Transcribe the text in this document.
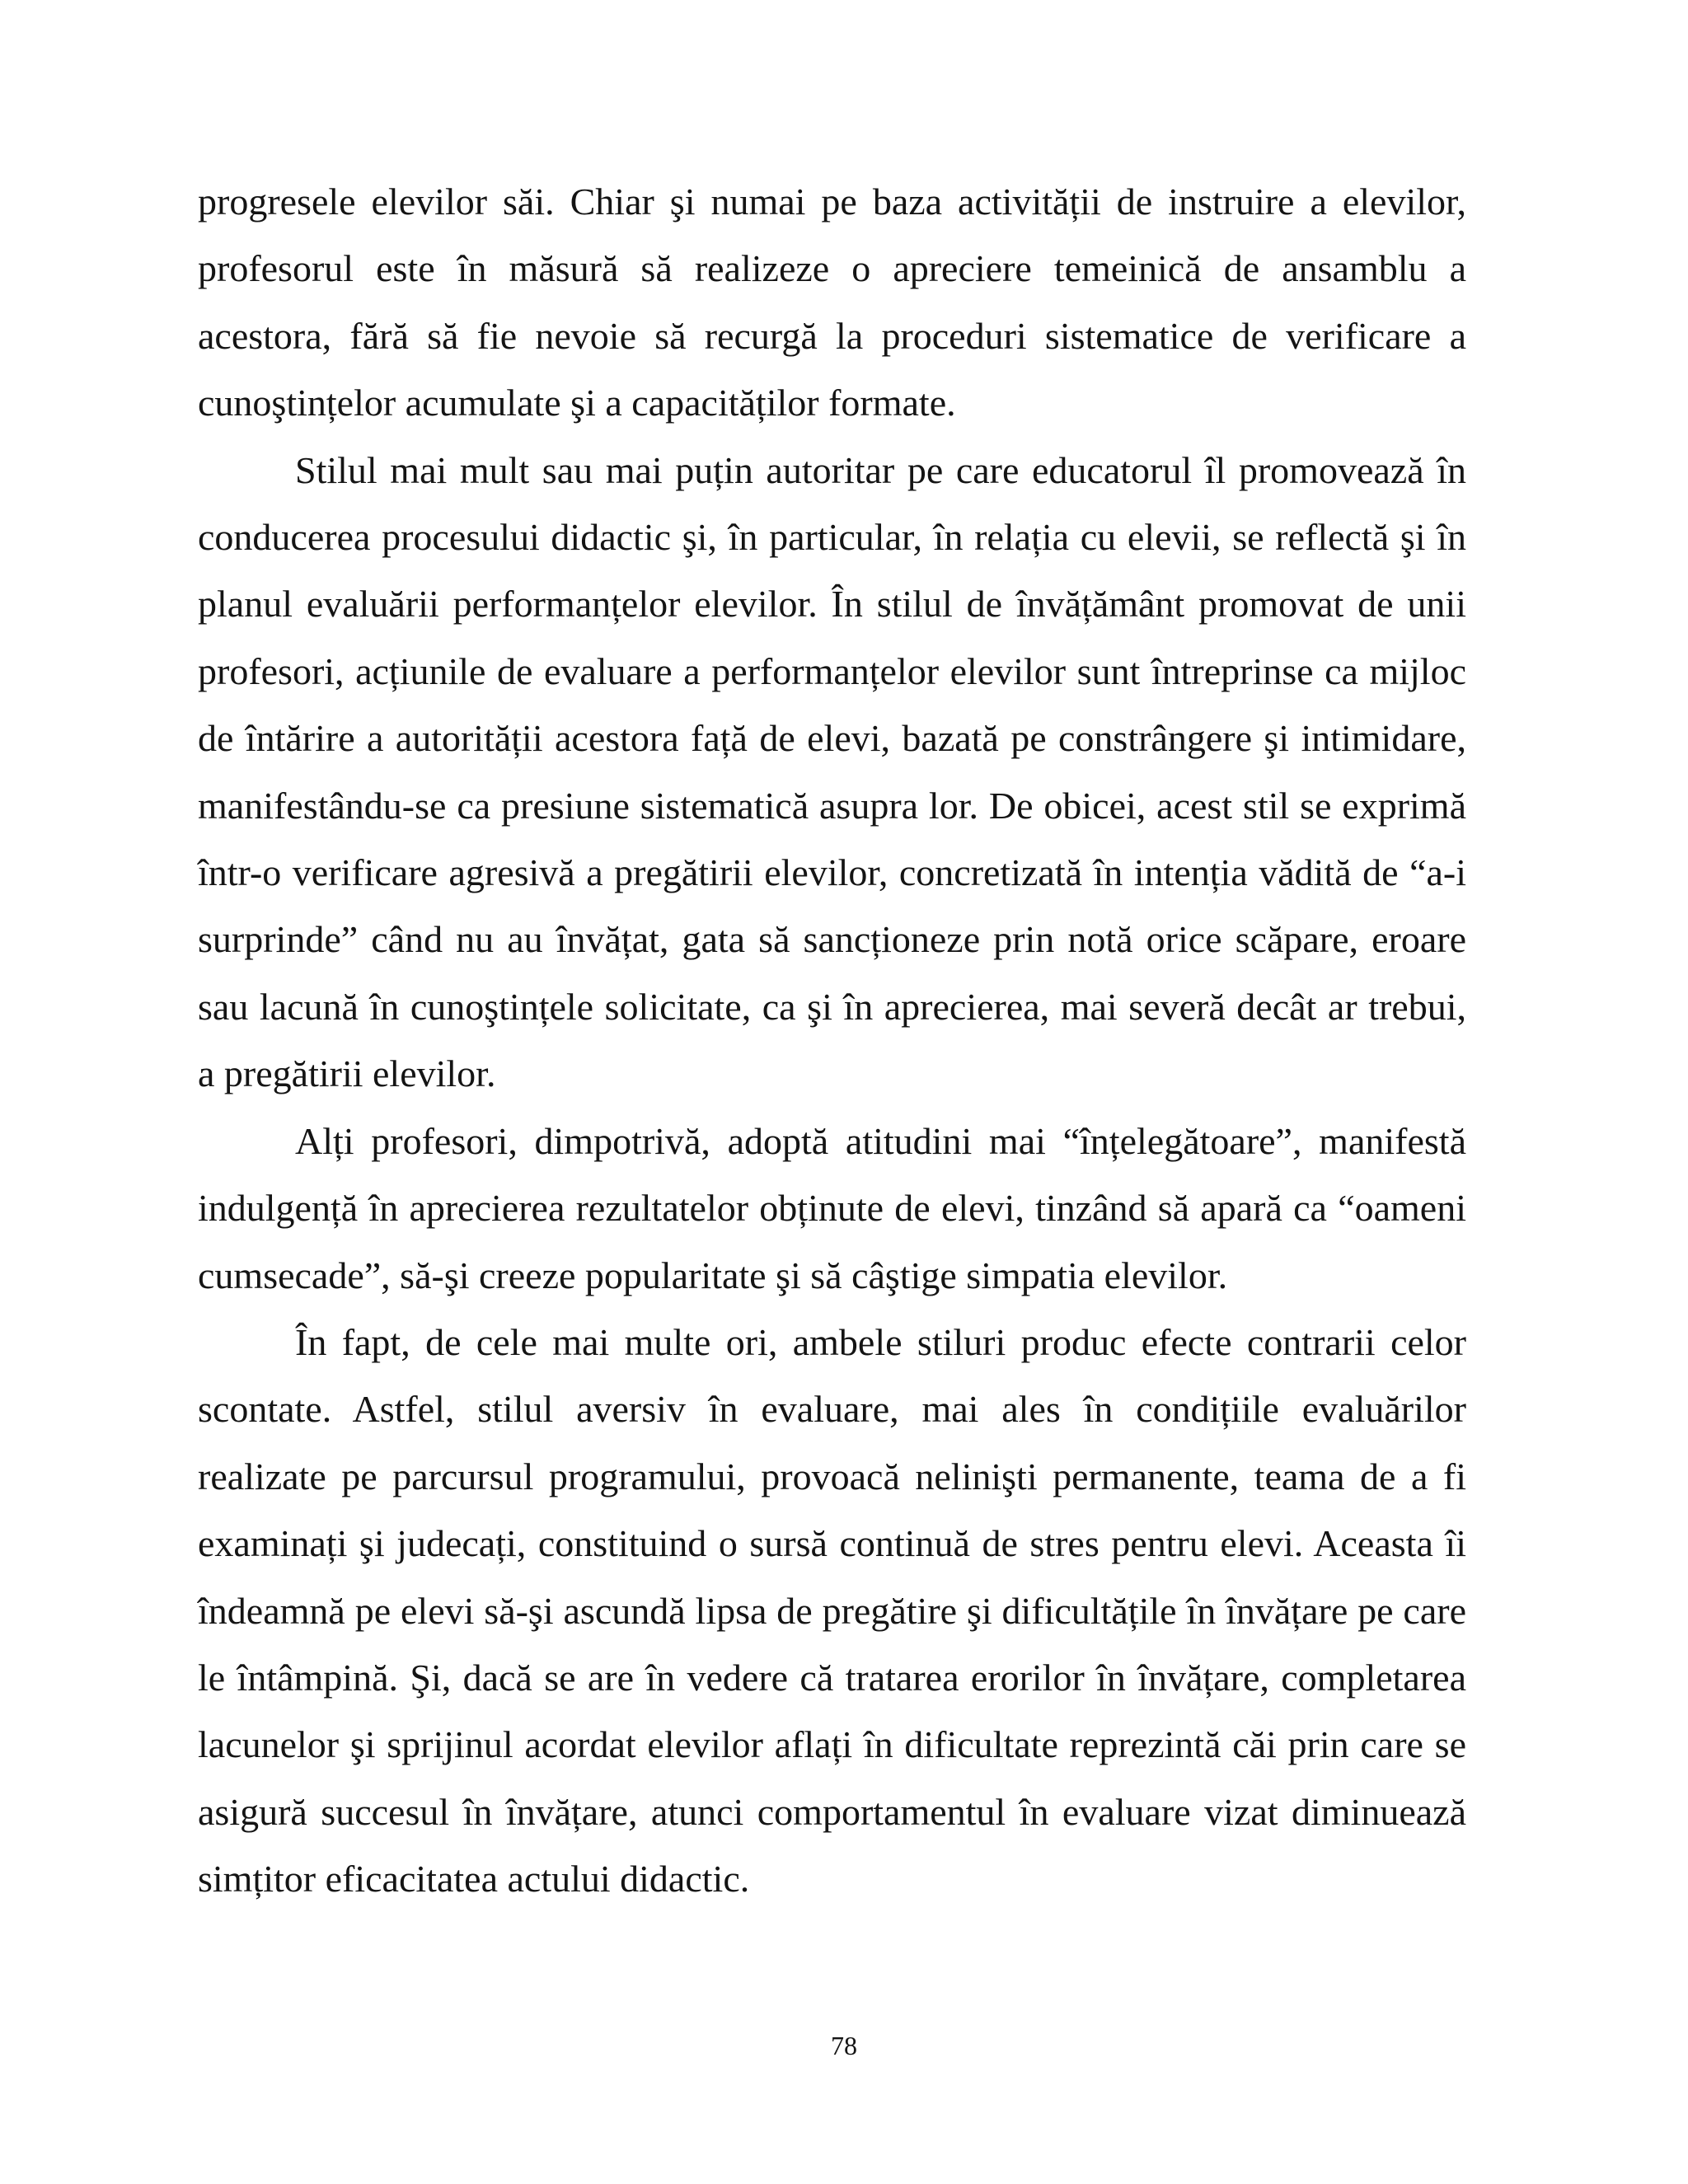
progresele elevilor săi. Chiar şi numai pe baza activității de instruire a elevilor, profesorul este în măsură să realizeze o apreciere temeinică de ansamblu a acestora, fără să fie nevoie să recurgă la proceduri sistematice de verificare a cunoştințelor acumulate şi a capacităților formate.

Stilul mai mult sau mai puțin autoritar pe care educatorul îl promovează în conducerea procesului didactic şi, în particular, în relația cu elevii, se reflectă şi în planul evaluării performanțelor elevilor. În stilul de învățământ promovat de unii profesori, acțiunile de evaluare a performanțelor elevilor sunt întreprinse ca mijloc de întărire a autorității acestora față de elevi, bazată pe constrângere şi intimidare, manifestându-se ca presiune sistematică asupra lor. De obicei, acest stil se exprimă într-o verificare agresivă a pregătirii elevilor, concretizată în intenția vădită de “a-i surprinde” când nu au învățat, gata să sancționeze prin notă orice scăpare, eroare sau lacună în cunoştințele solicitate, ca şi în aprecierea, mai severă decât ar trebui, a pregătirii elevilor.

Alți profesori, dimpotrivă, adoptă atitudini mai “înțelegătoare”, manifestă indulgență în aprecierea rezultatelor obținute de elevi, tinzând să apară ca “oameni cumsecade”, să-şi creeze popularitate şi să câştige simpatia elevilor.

În fapt, de cele mai multe ori, ambele stiluri produc efecte contrarii celor scontate. Astfel, stilul aversiv în evaluare, mai ales în condițiile evaluărilor realizate pe parcursul programului, provoacă nelinişti permanente, teama de a fi examinați şi judecați, constituind o sursă continuă de stres pentru elevi. Aceasta îi îndeamnă pe elevi să-şi ascundă lipsa de pregătire şi dificultățile în învățare pe care le întâmpină. Şi, dacă se are în vedere că tratarea erorilor în învățare, completarea lacunelor şi sprijinul acordat elevilor aflați în dificultate reprezintă căi prin care se asigură succesul în învățare, atunci comportamentul în evaluare vizat diminuează simțitor eficacitatea actului didactic.

78
